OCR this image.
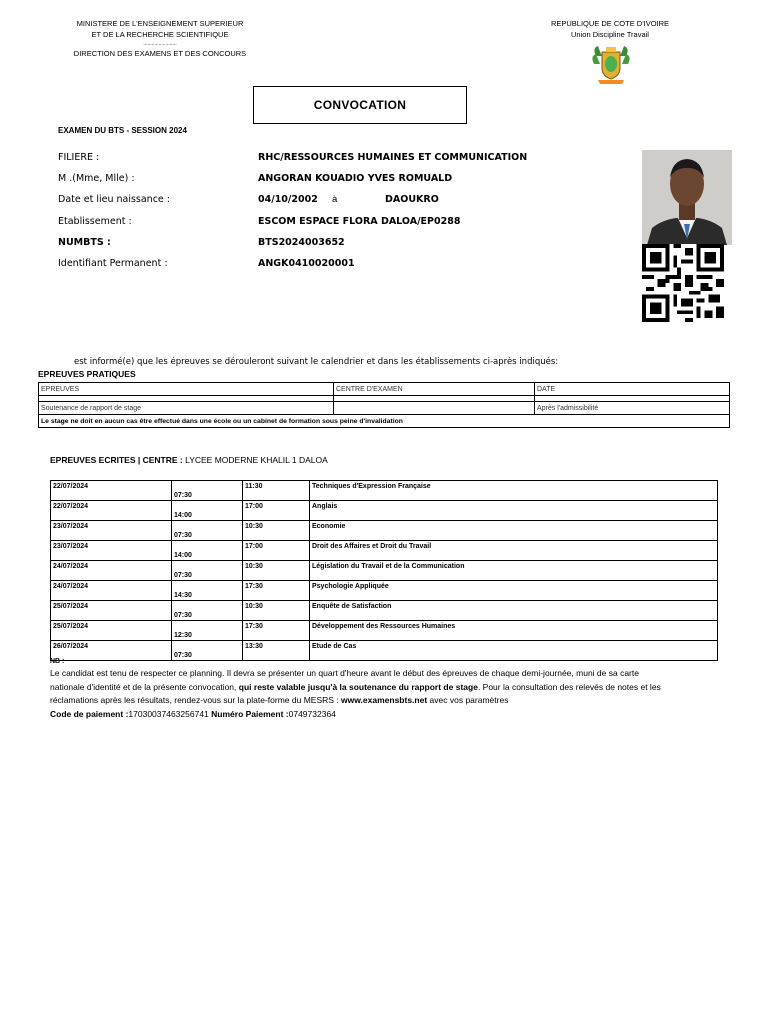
MINISTERE DE L'ENSEIGNEMENT SUPERIEUR
ET DE LA RECHERCHE SCIENTIFIQUE
........................
DIRECTION DES EXAMENS ET DES CONCOURS
REPUBLIQUE DE COTE D'IVOIRE
Union Discipline Travail
CONVOCATION
EXAMEN DU BTS - SESSION 2024
FILIERE :	RHC/RESSOURCES HUMAINES ET COMMUNICATION
M .(Mme, Mlle) :	ANGORAN KOUADIO YVES ROMUALD
Date et lieu naissance :	04/10/2002 à	DAOUKRO
Etablissement :	ESCOM ESPACE FLORA DALOA/EP0288
NUMBTS :	BTS2024003652
Identifiant Permanent :	ANGK0410020001
est informé(e) que les épreuves se dérouleront suivant le calendrier et dans les établissements ci-après indiqués:
EPREUVES PRATIQUES
EPREUVES	CENTRE D'EXAMEN	DATE

Soutenance de rapport de stage		Après l'admissibilité
Le stage ne doit en aucun cas être effectué dans une école ou un cabinet de formation sous peine d'invalidation		
EPREUVES ECRITES | CENTRE : LYCEE MODERNE KHALIL 1 DALOA
22/07/2024	07:30	11:30	Techniques d'Expression Française
22/07/2024	14:00	17:00	Anglais
23/07/2024	07:30	10:30	Economie
23/07/2024	14:00	17:00	Droit des Affaires et Droit du Travail
24/07/2024	07:30	10:30	Législation du Travail et de la Communication
24/07/2024	14:30	17:30	Psychologie Appliquée
25/07/2024	07:30	10:30	Enquête de Satisfaction
25/07/2024	12:30	17:30	Développement des Ressources Humaines
26/07/2024	07:30	13:30	Etude de Cas
NB :
Le candidat est tenu de respecter ce planning. Il devra se présenter un quart d'heure avant le début des épreuves de chaque demi-journée, muni de sa carte nationale d'identité et de la présente convocation, qui reste valable jusqu'à la soutenance du rapport de stage. Pour la consultation des relevés de notes et les réclamations après les résultats, rendez-vous sur la plate-forme du MESRS : www.examensbts.net avec vos paramètres
Code de paiement :17030037463256741 Numéro Paiement :0749732364
